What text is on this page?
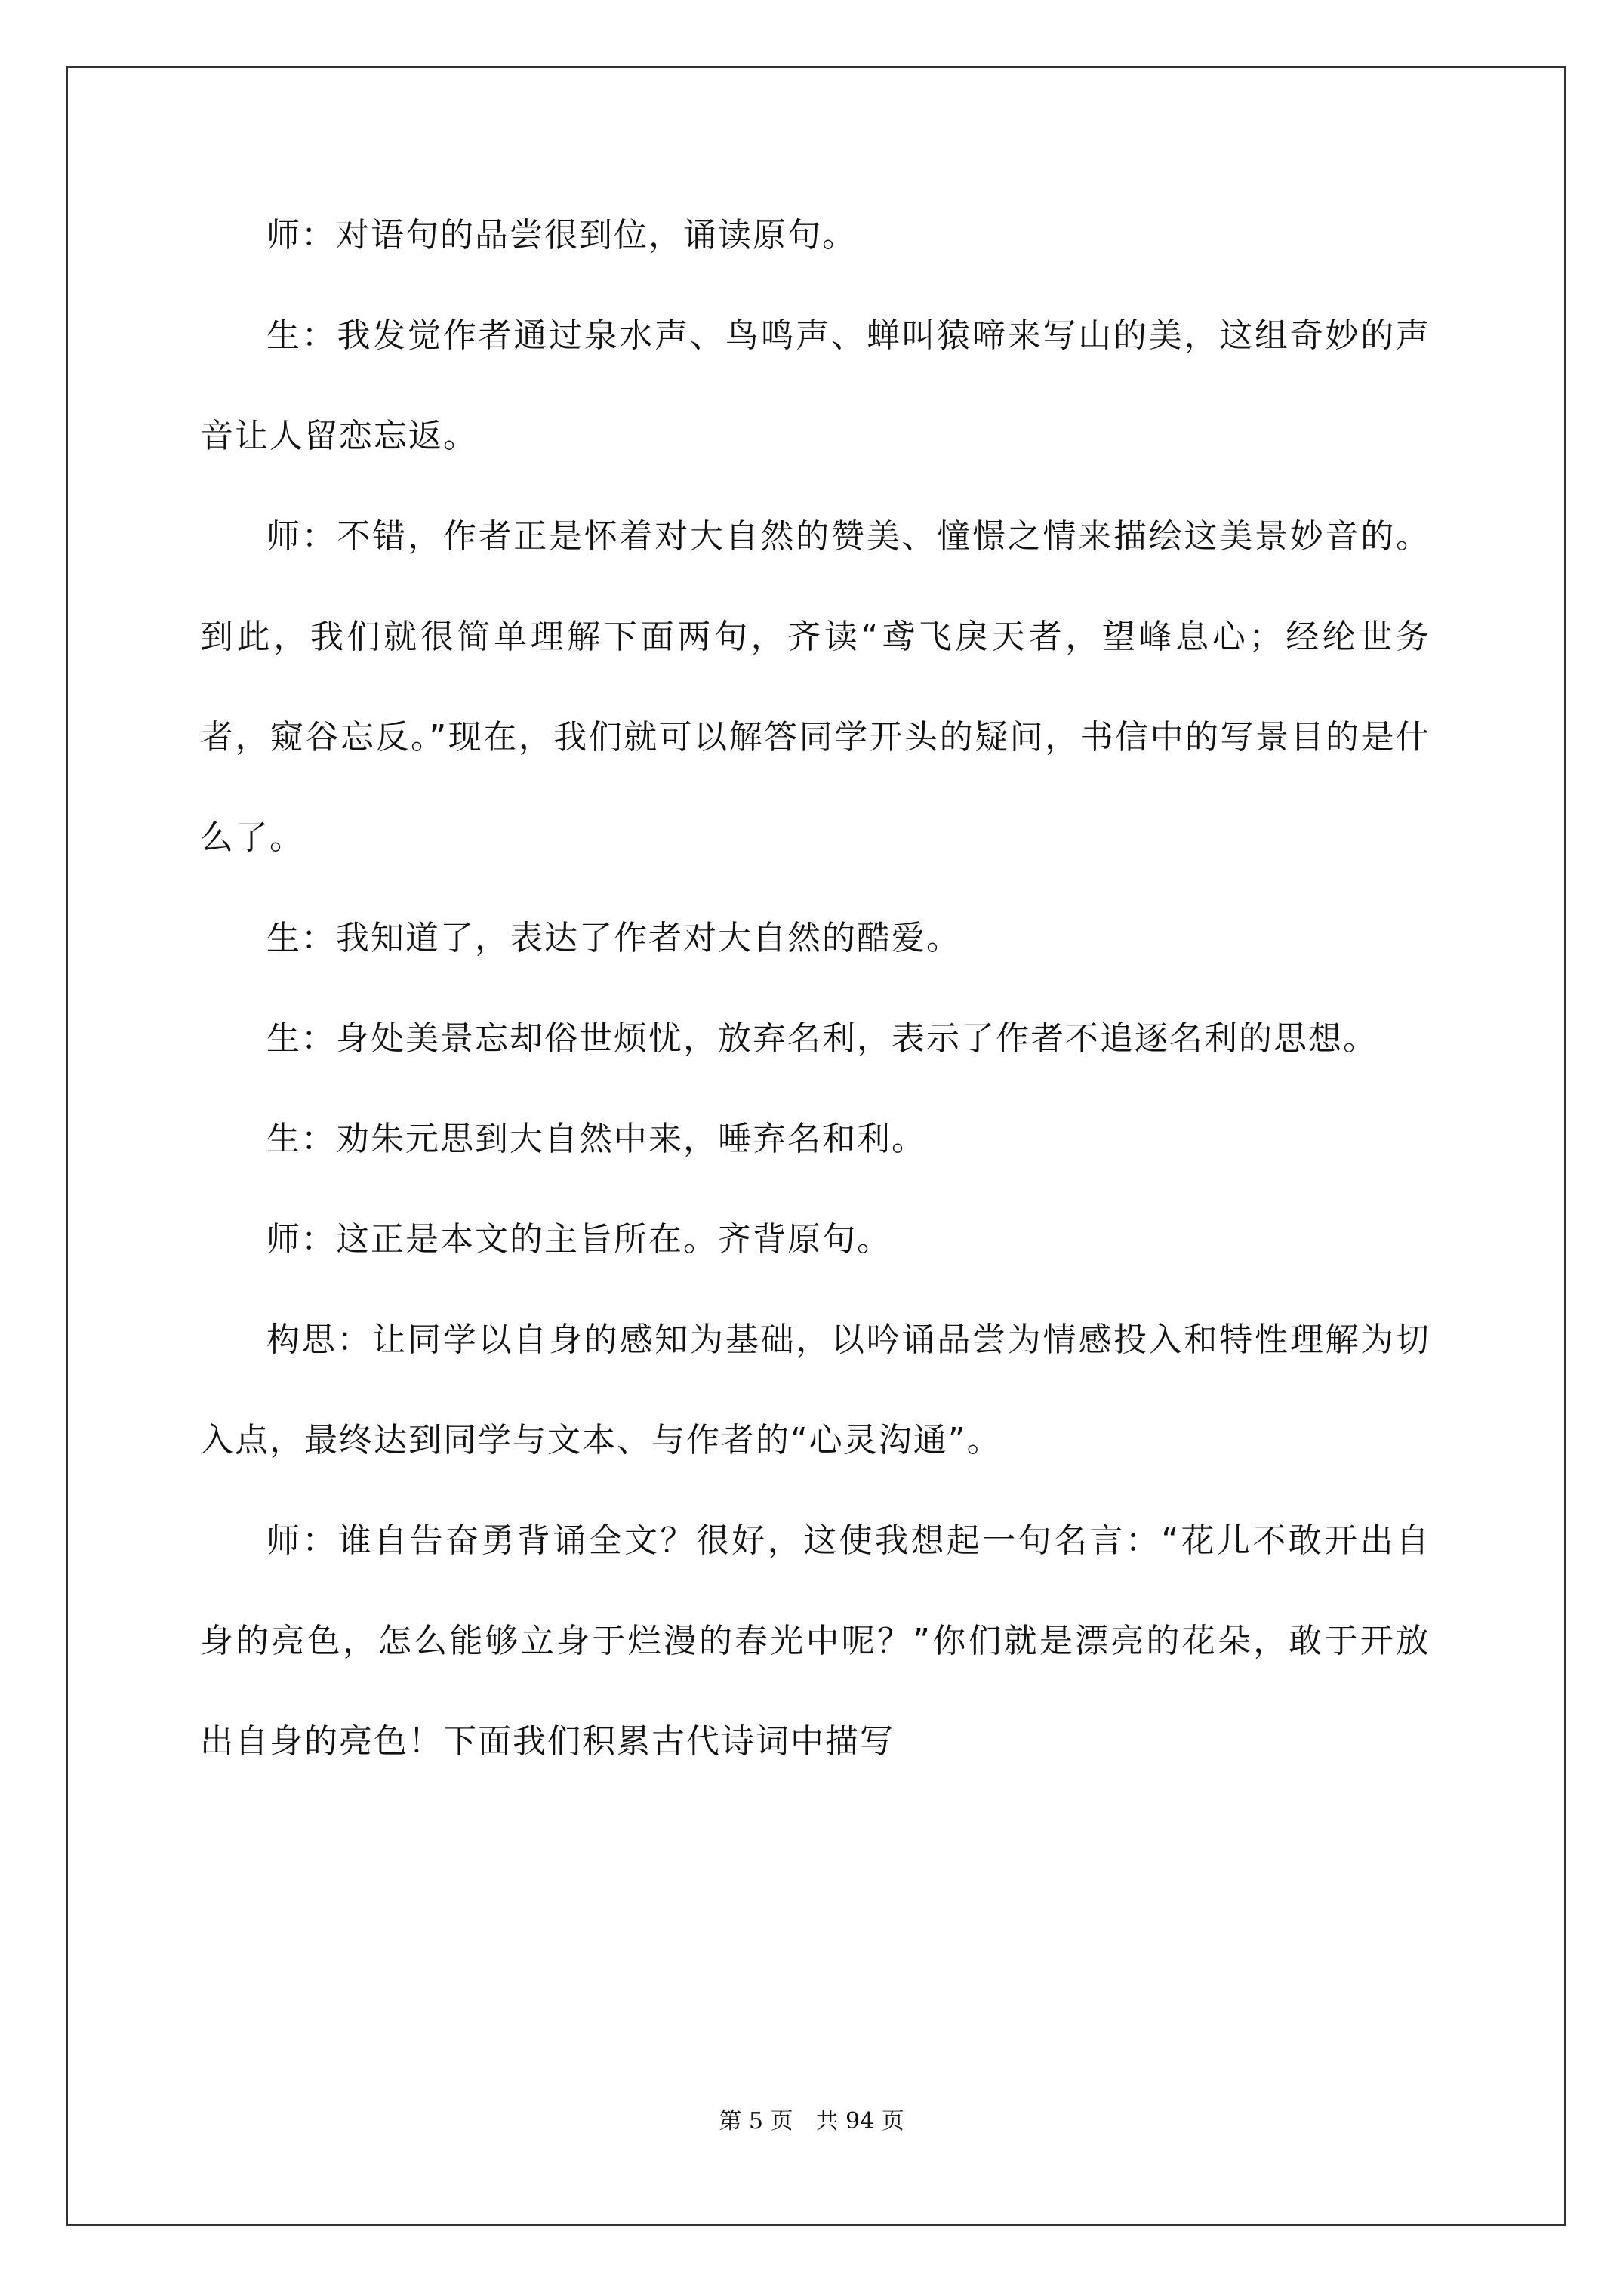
师：对语句的品尝很到位，诵读原句。

生：我发觉作者通过泉水声、鸟鸣声、蝉叫猿啼来写山的美，这组奇妙的声音让人留恋忘返。

师：不错，作者正是怀着对大自然的赞美、憧憬之情来描绘这美景妙音的。到此，我们就很简单理解下面两句，齐读“鸢飞戾天者，望峰息心；经纶世务者，窥谷忘反。”现在，我们就可以解答同学开头的疑问，书信中的写景目的是什么了。

生：我知道了，表达了作者对大自然的酷爱。

生：身处美景忘却俗世烦忧，放弃名利，表示了作者不追逐名利的思想。

生：劝朱元思到大自然中来，唾弃名和利。

师：这正是本文的主旨所在。齐背原句。

构思：让同学以自身的感知为基础，以吟诵品尝为情感投入和特性理解为切入点，最终达到同学与文本、与作者的“心灵沟通”。

师：谁自告奋勇背诵全文？很好，这使我想起一句名言：“花儿不敢开出自身的亮色，怎么能够立身于烂漫的春光中呢？”你们就是漂亮的花朵，敢于开放出自身的亮色！下面我们积累古代诗词中描写

第 5 页　共 94 页
